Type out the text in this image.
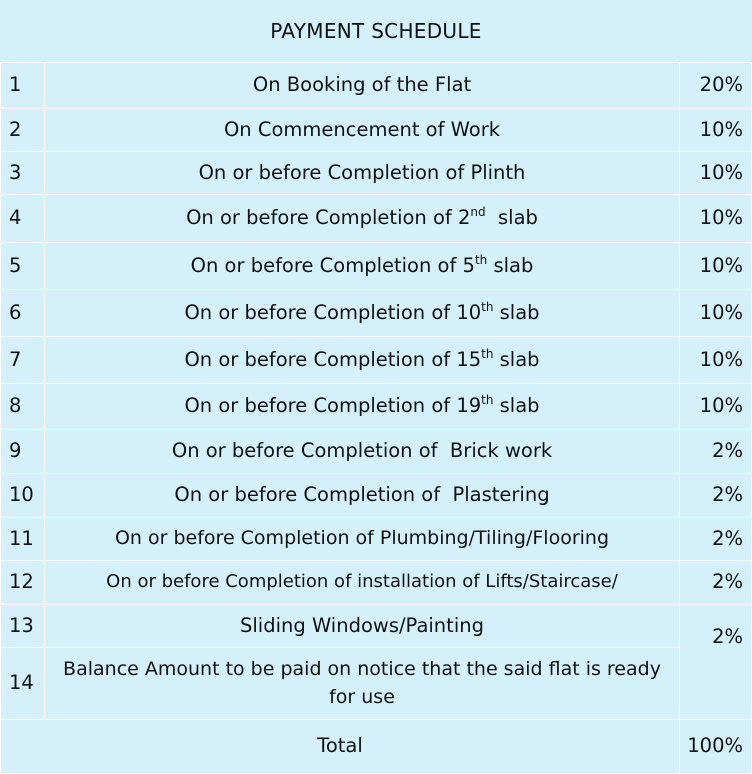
PAYMENT SCHEDULE
1	On Booking of the Flat	20%
2	On Commencement of Work	10%
3	On or before Completion of Plinth	10%
4	On or before Completion of 2nd  slab	10%
5	On or before Completion of 5th slab	10%
6	On or before Completion of 10th slab	10%
7	On or before Completion of 15th slab	10%
8	On or before Completion of 19th slab	10%
9	On or before Completion of  Brick work	2%
10	On or before Completion of  Plastering	2%
11	On or before Completion of Plumbing/Tiling/Flooring	2%
12	On or before Completion of installation of Lifts/Staircase/	2%
13	Sliding Windows/Painting	2%
14	Balance Amount to be paid on notice that the said flat is ready for use	
Total		100%
